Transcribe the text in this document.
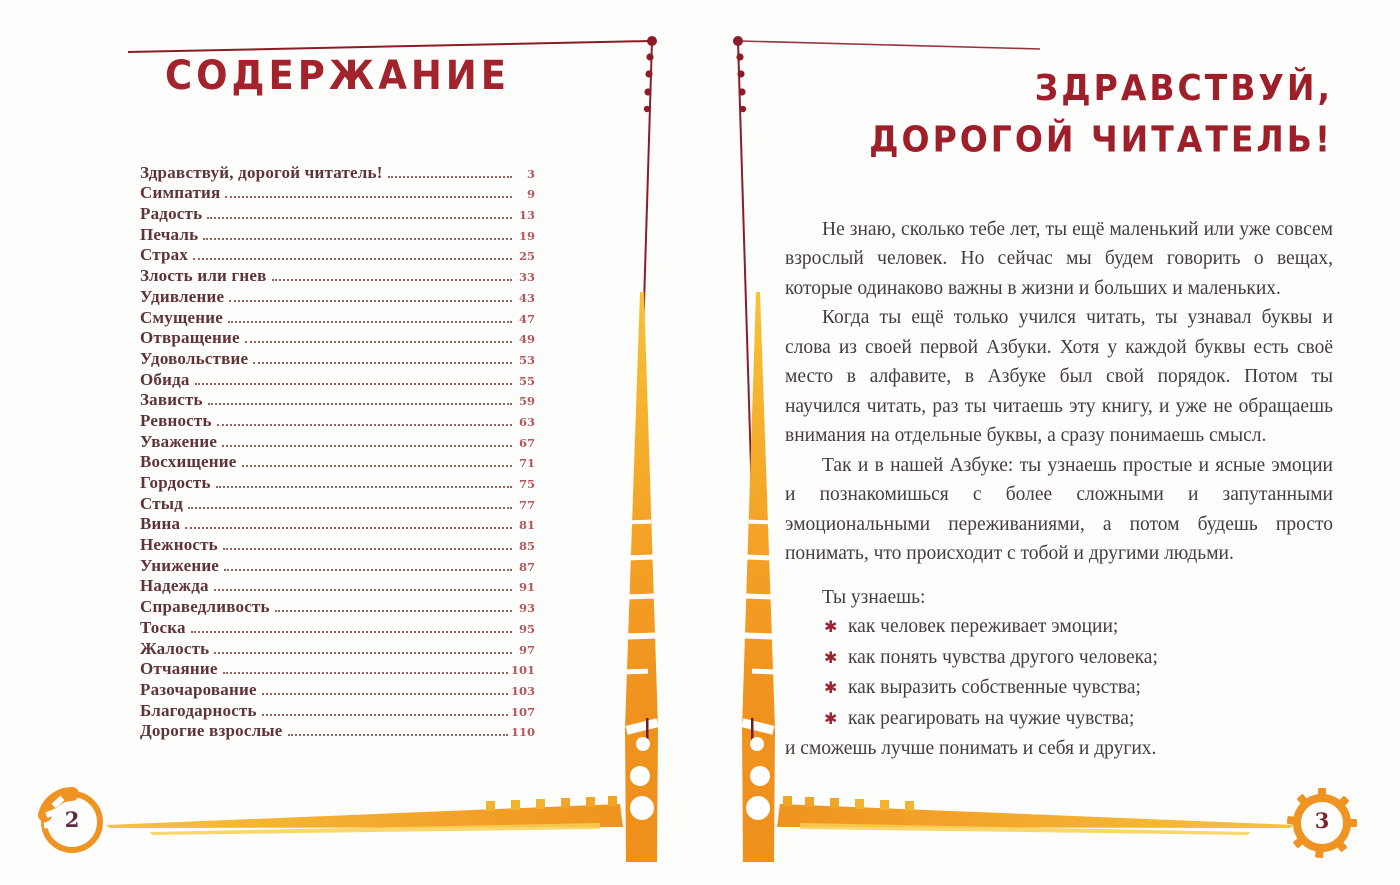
СОДЕРЖАНИЕ
Здравствуй, дорогой читатель!	3
Симпатия	9
Радость	13
Печаль	19
Страх	25
Злость или гнев	33
Удивление	43
Смущение	47
Отвращение	49
Удовольствие	53
Обида	55
Зависть	59
Ревность	63
Уважение	67
Восхищение	71
Гордость	75
Стыд	77
Вина	81
Нежность	85
Унижение	87
Надежда	91
Справедливость	93
Тоска	95
Жалость	97
Отчаяние	101
Разочарование	103
Благодарность	107
Дорогие взрослые	110
ЗДРАВСТВУЙ,
ДОРОГОЙ ЧИТАТЕЛЬ!

Не знаю, сколько тебе лет, ты ещё маленький или уже совсем взрослый человек. Но сейчас мы будем говорить о вещах, которые одинаково важны в жизни и больших и маленьких.

Когда ты ещё только учился читать, ты узнавал буквы и слова из своей первой Азбуки. Хотя у каждой буквы есть своё место в алфавите, в Азбуке был свой порядок. Потом ты научился читать, раз ты читаешь эту книгу, и уже не обращаешь внимания на отдельные буквы, а сразу понимаешь смысл.

Так и в нашей Азбуке: ты узнаешь простые и ясные эмоции и познакомишься с более сложными и запутанными эмоциональными переживаниями, а потом будешь просто понимать, что происходит с тобой и другими людьми.

Ты узнаешь:

✱ как человек переживает эмоции;
✱ как понять чувства другого человека;
✱ как выразить собственные чувства;
✱ как реагировать на чужие чувства;

и сможешь лучше понимать и себя и других.

2	3
